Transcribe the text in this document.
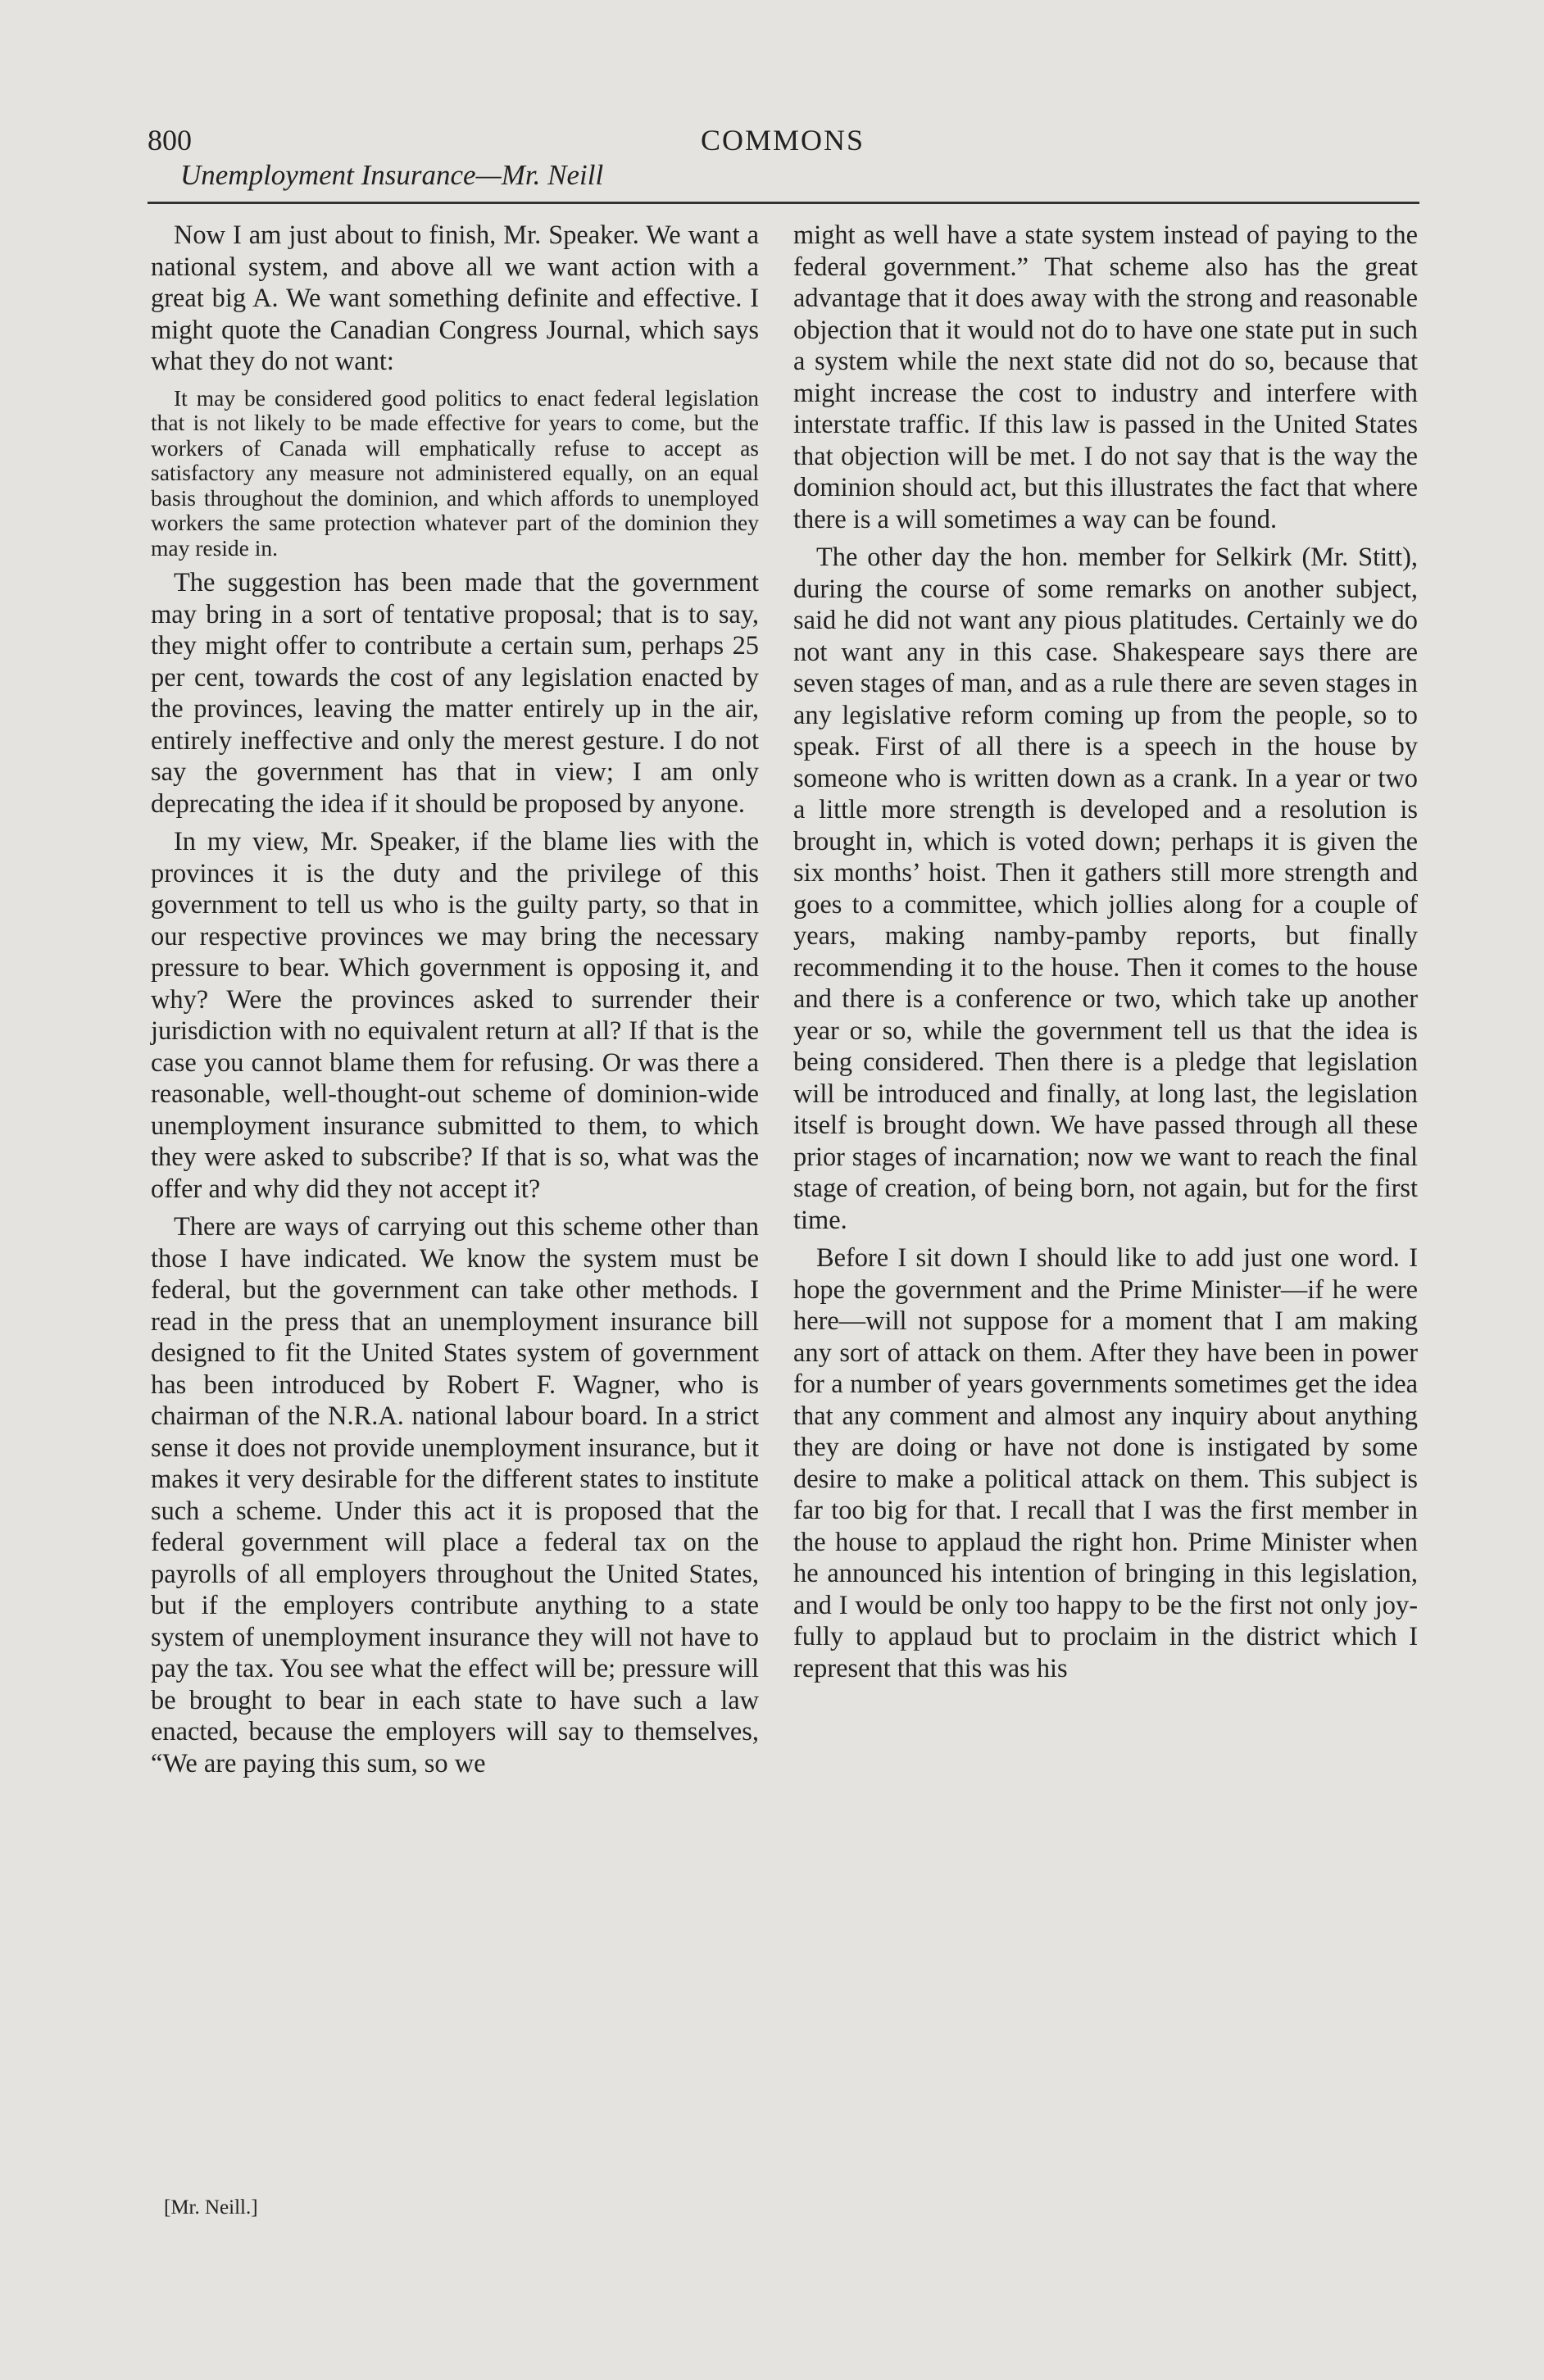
800	COMMONS
Unemployment Insurance—Mr. Neill

Now I am just about to finish, Mr. Speaker. We want a national system, and above all we want action with a great big A. We want something definite and effective. I might quote the Canadian Congress Journal, which says what they do not want:

It may be considered good politics to enact federal legislation that is not likely to be made effective for years to come, but the workers of Canada will emphatically refuse to accept as satisfactory any measure not administered equally, on an equal basis throughout the dominion, and which affords to unemployed workers the same protection whatever part of the dominion they may reside in.

The suggestion has been made that the government may bring in a sort of tentative proposal; that is to say, they might offer to contribute a certain sum, perhaps 25 per cent, towards the cost of any legislation enacted by the provinces, leaving the matter entirely up in the air, entirely ineffective and only the merest gesture. I do not say the government has that in view; I am only deprecating the idea if it should be proposed by anyone.

In my view, Mr. Speaker, if the blame lies with the provinces it is the duty and the privilege of this government to tell us who is the guilty party, so that in our respective provinces we may bring the necessary pressure to bear. Which government is opposing it, and why? Were the provinces asked to surrender their jurisdiction with no equivalent return at all? If that is the case you cannot blame them for refusing. Or was there a reasonable, well-thought-out scheme of dominion-wide unemployment insurance submitted to them, to which they were asked to subscribe? If that is so, what was the offer and why did they not accept it?

There are ways of carrying out this scheme other than those I have indicated. We know the system must be federal, but the government can take other methods. I read in the press that an unemployment insurance bill designed to fit the United States system of government has been introduced by Robert F. Wagner, who is chairman of the N.R.A. national labour board. In a strict sense it does not provide unemployment insurance, but it makes it very desirable for the different states to institute such a scheme. Under this act it is proposed that the federal government will place a federal tax on the payrolls of all employers throughout the United States, but if the employers contribute anything to a state system of unemployment insurance they will not have to pay the tax. You see what the effect will be; pressure will be brought to bear in each state to have such a law enacted, because the employers will say to themselves, “We are paying this sum, so we

might as well have a state system instead of paying to the federal government.” That scheme also has the great advantage that it does away with the strong and reasonable objection that it would not do to have one state put in such a system while the next state did not do so, because that might increase the cost to industry and interfere with interstate traffic. If this law is passed in the United States that objection will be met. I do not say that is the way the dominion should act, but this illustrates the fact that where there is a will sometimes a way can be found.

The other day the hon. member for Selkirk (Mr. Stitt), during the course of some remarks on another subject, said he did not want any pious platitudes. Certainly we do not want any in this case. Shakespeare says there are seven stages of man, and as a rule there are seven stages in any legislative reform coming up from the people, so to speak. First of all there is a speech in the house by someone who is written down as a crank. In a year or two a little more strength is developed and a resolution is brought in, which is voted down; perhaps it is given the six months’ hoist. Then it gathers still more strength and goes to a committee, which jollies along for a couple of years, making namby-pamby reports, but finally recommending it to the house. Then it comes to the house and there is a conference or two, which take up another year or so, while the government tell us that the idea is being considered. Then there is a pledge that legislation will be introduced and finally, at long last, the legislation itself is brought down. We have passed through all these prior stages of incarnation; now we want to reach the final stage of creation, of being born, not again, but for the first time.

Before I sit down I should like to add just one word. I hope the government and the Prime Minister—if he were here—will not suppose for a moment that I am making any sort of attack on them. After they have been in power for a number of years governments sometimes get the idea that any comment and almost any inquiry about anything they are doing or have not done is instigated by some desire to make a political attack on them. This subject is far too big for that. I recall that I was the first member in the house to applaud the right hon. Prime Minister when he announced his intention of bringing in this legislation, and I would be only too happy to be the first not only joyfully to applaud but to proclaim in the district which I represent that this was his

[Mr. Neill.]
